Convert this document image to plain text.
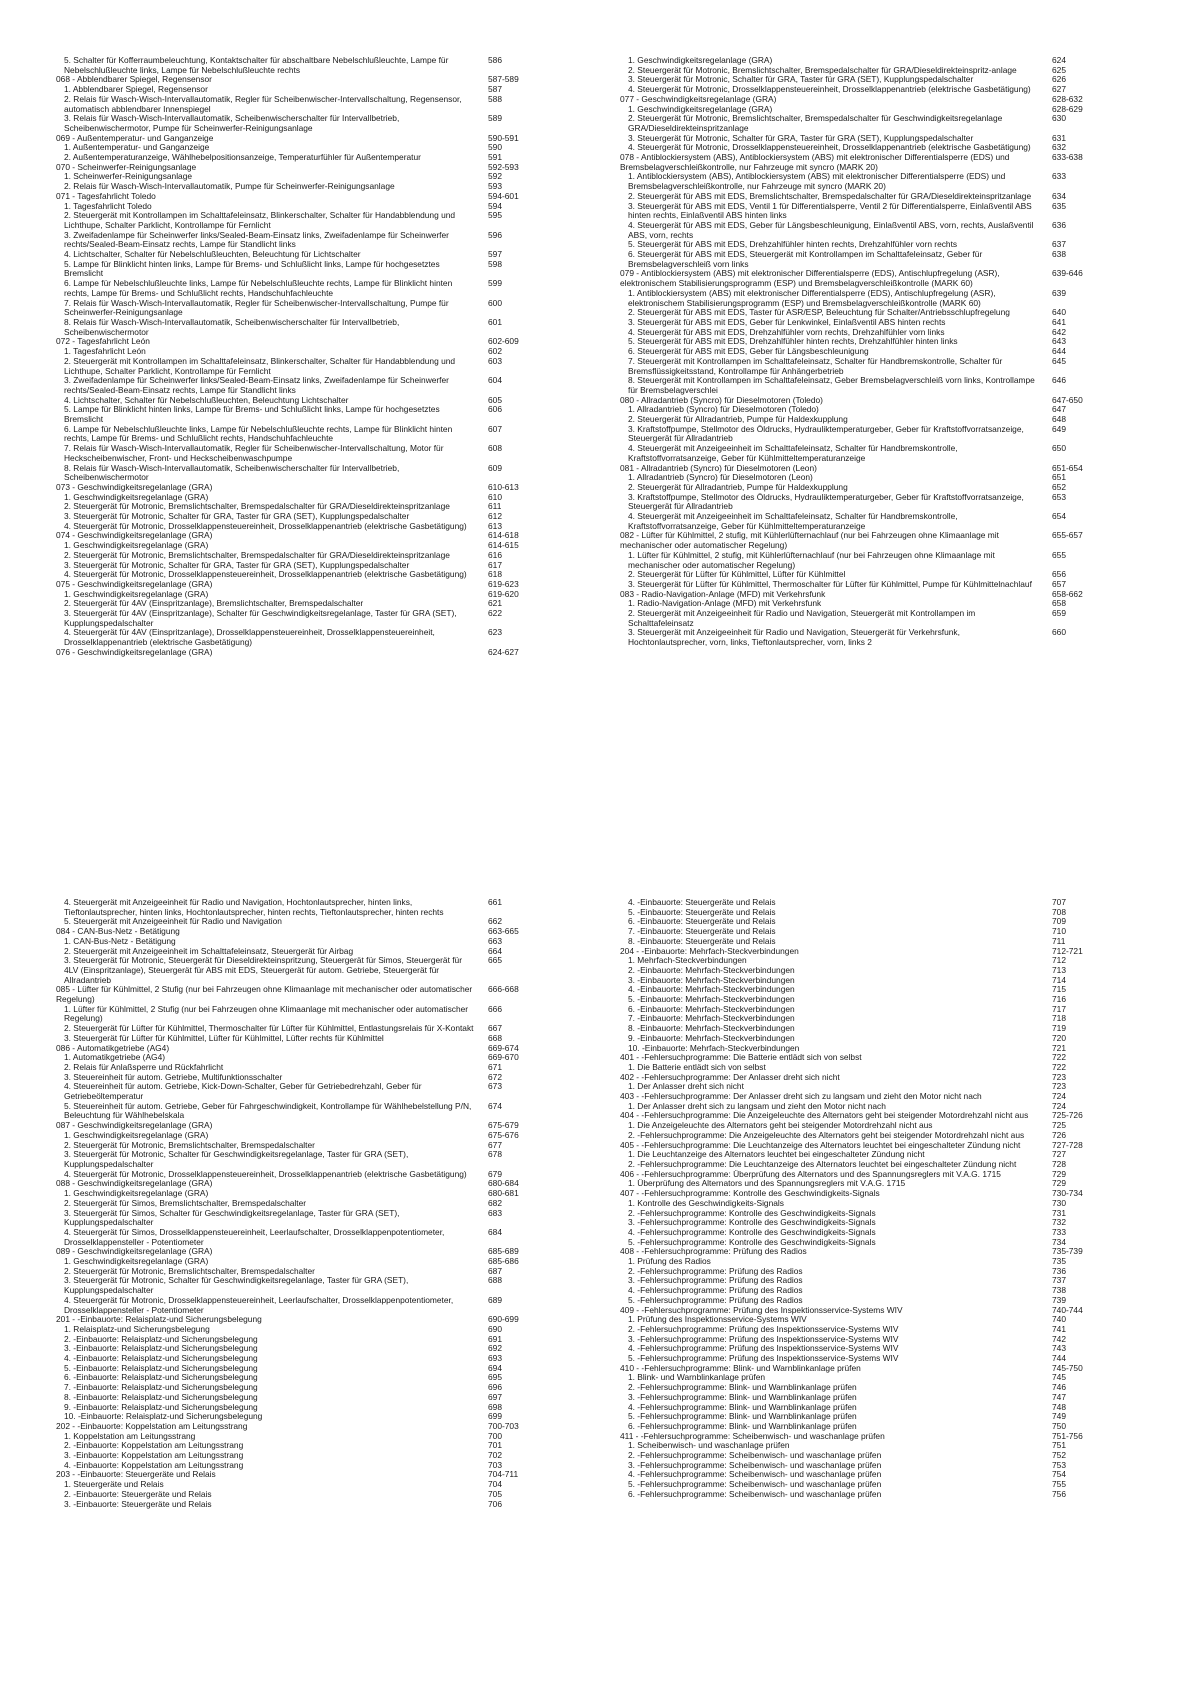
5. Schalter für Kofferraumbeleuchtung, Kontaktschalter für abschaltbare Nebelschlußleuchte, Lampe für Nebelschlußleuchte links, Lampe für Nebelschlußleuchte rechts
586
068 - Abblendbarer Spiegel, Regensensor	587-589
1. Abblendbarer Spiegel, Regensensor	587
2. Relais für Wasch-Wisch-Intervallautomatik, Regler für Scheibenwischer-Intervallschaltung, Regensensor, automatisch abblendbarer Innenspiegel
588
3. Relais für Wasch-Wisch-Intervallautomatik, Scheibenwischerschalter für Intervallbetrieb, Scheibenwischermotor, Pumpe für Scheinwerfer-Reinigungsanlage
589
069 - Außentemperatur- und Ganganzeige	590-591
1. Außentemperatur- und Ganganzeige	590
2. Außentemperaturanzeige, Wählhebelpositionsanzeige, Temperaturfühler für Außentemperatur	591
070 - Scheinwerfer-Reinigungsanlage	592-593
1. Scheinwerfer-Reinigungsanlage	592
2. Relais für Wasch-Wisch-Intervallautomatik, Pumpe für Scheinwerfer-Reinigungsanlage	593
071 - Tagesfahrlicht Toledo	594-601
1. Tagesfahrlicht Toledo	594
2. Steuergerät mit Kontrollampen im Schalttafeleinsatz, Blinkerschalter, Schalter für Handabblendung und Lichthupe, Schalter Parklicht, Kontrollampe für Fernlicht
595
3. Zweifadenlampe für Scheinwerfer links/Sealed-Beam-Einsatz links, Zweifadenlampe für Scheinwerfer rechts/Sealed-Beam-Einsatz rechts, Lampe für Standlicht links
596
4. Lichtschalter, Schalter für Nebelschlußleuchten, Beleuchtung für Lichtschalter	597
5. Lampe für Blinklicht hinten links, Lampe für Brems- und Schlußlicht links, Lampe für hochgesetztes Bremslicht
598
6. Lampe für Nebelschlußleuchte links, Lampe für Nebelschlußleuchte rechts, Lampe für Blinklicht hinten rechts, Lampe für Brems- und Schlußlicht rechts, Handschuhfachleuchte
599
7. Relais für Wasch-Wisch-Intervallautomatik, Regler für Scheibenwischer-Intervallschaltung, Pumpe für Scheinwerfer-Reinigungsanlage
600
8. Relais für Wasch-Wisch-Intervallautomatik, Scheibenwischerschalter für Intervallbetrieb, Scheibenwischermotor
601
072 - Tagesfahrlicht León	602-609
1. Tagesfahrlicht León	602
2. Steuergerät mit Kontrollampen im Schalttafeleinsatz, Blinkerschalter, Schalter für Handabblendung und Lichthupe, Schalter Parklicht, Kontrollampe für Fernlicht
603
3. Zweifadenlampe für Scheinwerfer links/Sealed-Beam-Einsatz links, Zweifadenlampe für Scheinwerfer rechts/Sealed-Beam-Einsatz rechts, Lampe für Standlicht links
604
4. Lichtschalter, Schalter für Nebelschlußleuchten, Beleuchtung Lichtschalter	605
5. Lampe für Blinklicht hinten links, Lampe für Brems- und Schlußlicht links, Lampe für hochgesetztes Bremslicht
606
6. Lampe für Nebelschlußleuchte links, Lampe für Nebelschlußleuchte rechts, Lampe für Blinklicht hinten rechts, Lampe für Brems- und Schlußlicht rechts, Handschuhfachleuchte
607
7. Relais für Wasch-Wisch-Intervallautomatik, Regler für Scheibenwischer-Intervallschaltung, Motor für Heckscheibenwischer, Front- und Heckscheibenwaschpumpe
608
8. Relais für Wasch-Wisch-Intervallautomatik, Scheibenwischerschalter für Intervallbetrieb, Scheibenwischermotor
609
073 - Geschwindigkeitsregelanlage (GRA)	610-613
1. Geschwindigkeitsregelanlage (GRA)	610
2. Steuergerät für Motronic, Bremslichtschalter, Bremspedalschalter für GRA/Dieseldirekteinspritzanlage	611
3. Steuergerät für Motronic, Schalter für GRA, Taster für GRA (SET), Kupplungspedalschalter	612
4. Steuergerät für Motronic, Drosselklappensteuereinheit, Drosselklappenantrieb (elektrische Gasbetätigung)	613
074 - Geschwindigkeitsregelanlage (GRA)	614-618
1. Geschwindigkeitsregelanlage (GRA)	614-615
2. Steuergerät für Motronic, Bremslichtschalter, Bremspedalschalter für GRA/Dieseldirekteinspritzanlage	616
3. Steuergerät für Motronic, Schalter für GRA, Taster für GRA (SET), Kupplungspedalschalter	617
4. Steuergerät für Motronic, Drosselklappensteuereinheit, Drosselklappenantrieb (elektrische Gasbetätigung)	618
075 - Geschwindigkeitsregelanlage (GRA)	619-623
1. Geschwindigkeitsregelanlage (GRA)	619-620
2. Steuergerät für 4AV (Einspritzanlage), Bremslichtschalter, Bremspedalschalter	621
3. Steuergerät für 4AV (Einspritzanlage), Schalter für Geschwindigkeitsregelanlage, Taster für GRA (SET), Kupplungspedalschalter
622
4. Steuergerät für 4AV (Einspritzanlage), Drosselklappensteuereinheit, Drosselklappensteuereinheit, Drosselklappenantrieb (elektrische Gasbetätigung)
623
076 - Geschwindigkeitsregelanlage (GRA)	624-627
1. Geschwindigkeitsregelanlage (GRA)	624
2. Steuergerät für Motronic, Bremslichtschalter, Bremspedalschalter für GRA/Dieseldirekteinspritz-anlage	625
3. Steuergerät für Motronic, Schalter für GRA, Taster für GRA (SET), Kupplungspedalschalter	626
4. Steuergerät für Motronic, Drosselklappensteuereinheit, Drosselklappenantrieb (elektrische Gasbetätigung)	627
077 - Geschwindigkeitsregelanlage (GRA)	628-632
1. Geschwindigkeitsregelanlage (GRA)	628-629
2. Steuergerät für Motronic, Bremslichtschalter, Bremspedalschalter für Geschwindigkeitsregelanlage GRA/Dieseldirekteinspritzanlage
630
3. Steuergerät für Motronic, Schalter für GRA, Taster für GRA (SET), Kupplungspedalschalter	631
4. Steuergerät für Motronic, Drosselklappensteuereinheit, Drosselklappenantrieb (elektrische Gasbetätigung)	632
078 - Antiblockiersystem (ABS), Antiblockiersystem (ABS) mit elektronischer Differentialsperre (EDS) und Bremsbelagverschleißkontrolle, nur Fahrzeuge mit syncro (MARK 20)
633-638
1. Antiblockiersystem (ABS), Antiblockiersystem (ABS) mit elektronischer Differentialsperre (EDS) und Bremsbelagverschleißkontrolle, nur Fahrzeuge mit syncro (MARK 20)
633
2. Steuergerät für ABS mit EDS, Bremslichtschalter, Bremspedalschalter für GRA/Dieseldirekteinspritzanlage 634
3. Steuergerät für ABS mit EDS, Ventil 1 für Differentialsperre, Ventil 2 für Differentialsperre, Einlaßventil ABS hinten rechts, Einlaßventil ABS hinten links
635
4. Steuergerät für ABS mit EDS, Geber für Längsbeschleunigung, Einlaßventil ABS, vorn, rechts, Auslaßventil ABS, vorn, rechts
636
5. Steuergerät für ABS mit EDS, Drehzahlfühler hinten rechts, Drehzahlfühler vorn rechts	637
6. Steuergerät für ABS mit EDS, Steuergerät mit Kontrollampen im Schalttafeleinsatz, Geber für Bremsbelagverschleiß vorn links
638
079 - Antiblockiersystem (ABS) mit elektronischer Differentialsperre (EDS), Antischlupfregelung (ASR), elektronischem Stabilisierungsprogramm (ESP) und Bremsbelagverschleißkontrolle (MARK 60)
639-646
1. Antiblockiersystem (ABS) mit elektronischer Differentialsperre (EDS), Antischlupfregelung (ASR), elektronischem Stabilisierungsprogramm (ESP) und Bremsbelagverschleißkontrolle (MARK 60)
639
2. Steuergerät für ABS mit EDS, Taster für ASR/ESP, Beleuchtung für Schalter/Antriebsschlupfregelung	640
3. Steuergerät für ABS mit EDS, Geber für Lenkwinkel, Einlaßventil ABS hinten rechts	641
4. Steuergerät für ABS mit EDS, Drehzahlfühler vorn rechts, Drehzahlfühler vorn links	642
5. Steuergerät für ABS mit EDS, Drehzahlfühler hinten rechts, Drehzahlfühler hinten links	643
6. Steuergerät für ABS mit EDS, Geber für Längsbeschleunigung	644
7. Steuergerät mit Kontrollampen im Schalttafeleinsatz, Schalter für Handbremskontrolle, Schalter für Bremsflüssigkeitsstand, Kontrollampe für Anhängerbetrieb
645
8. Steuergerät mit Kontrollampen im Schalttafeleinsatz, Geber Bremsbelagverschleiß vorn links, Kontrollampe für Bremsbelagverschlei
646
080 - Allradantrieb (Syncro) für Dieselmotoren (Toledo)	647-650
1. Allradantrieb (Syncro) für Dieselmotoren (Toledo)	647
2. Steuergerät für Allradantrieb, Pumpe für Haldexkupplung	648
3. Kraftstoffpumpe, Stellmotor des Öldrucks, Hydrauliktemperaturgeber, Geber für Kraftstoffvorratsanzeige, Steuergerät für Allradantrieb
649
4. Steuergerät mit Anzeigeeinheit im Schalttafeleinsatz, Schalter für Handbremskontrolle, Kraftstoffvorratsanzeige, Geber für Kühlmitteltemperaturanzeige
650
081 - Allradantrieb (Syncro) für Dieselmotoren (Leon)	651-654
1. Allradantrieb (Syncro) für Dieselmotoren (Leon)	651
2. Steuergerät für Allradantrieb, Pumpe für Haldexkupplung	652
3. Kraftstoffpumpe, Stellmotor des Öldrucks, Hydrauliktemperaturgeber, Geber für Kraftstoffvorratsanzeige, Steuergerät für Allradantrieb
653
4. Steuergerät mit Anzeigeeinheit im Schalttafeleinsatz, Schalter für Handbremskontrolle, Kraftstoffvorratsanzeige, Geber für Kühlmitteltemperaturanzeige
654
082 - Lüfter für Kühlmittel, 2 stufig, mit Kühlerlüfternachlauf (nur bei Fahrzeugen ohne Klimaanlage mit mechanischer oder automatischer Regelung)
655-657
1. Lüfter für Kühlmittel, 2 stufig, mit Kühlerlüfternachlauf (nur bei Fahrzeugen ohne Klimaanlage mit mechanischer oder automatischer Regelung)
655
2. Steuergerät für Lüfter für Kühlmittel, Lüfter für Kühlmittel	656
3. Steuergerät für Lüfter für Kühlmittel, Thermoschalter für Lüfter für Kühlmittel, Pumpe für Kühlmittelnachlauf 657
083 - Radio-Navigation-Anlage (MFD) mit Verkehrsfunk	658-662
1. Radio-Navigation-Anlage (MFD) mit Verkehrsfunk	658
2. Steuergerät mit Anzeigeeinheit für Radio und Navigation, Steuergerät mit Kontrollampen im Schalttafeleinsatz
659
3. Steuergerät mit Anzeigeeinheit für Radio und Navigation, Steuergerät für Verkehrsfunk, Hochtonlautsprecher, vorn, links, Tieftonlautsprecher, vorn, links 2
660
4. Steuergerät mit Anzeigeeinheit für Radio und Navigation, Hochtonlautsprecher, hinten links, Tieftonlautsprecher, hinten links, Hochtonlautsprecher, hinten rechts, Tieftonlautsprecher, hinten rechts
661
5. Steuergerät mit Anzeigeeinheit für Radio und Navigation	662
084 - CAN-Bus-Netz - Betätigung	663-665
1. CAN-Bus-Netz - Betätigung	663
2. Steuergerät mit Anzeigeeinheit im Schalttafeleinsatz, Steuergerät für Airbag	664
3. Steuergerät für Motronic, Steuergerät für Dieseldirekteinspritzung, Steuergerät für Simos, Steuergerät für 4LV (Einspritzanlage), Steuergerät für ABS mit EDS, Steuergerät für autom. Getriebe, Steuergerät für Allradantrieb
665
085 - Lüfter für Kühlmittel, 2 Stufig (nur bei Fahrzeugen ohne Klimaanlage mit mechanischer oder automatischer Regelung)
666-668
1. Lüfter für Kühlmittel, 2 Stufig (nur bei Fahrzeugen ohne Klimaanlage mit mechanischer oder automatischer Regelung)
666
2. Steuergerät für Lüfter für Kühlmittel, Thermoschalter für Lüfter für Kühlmittel, Entlastungsrelais für X-Kontakt 667
3. Steuergerät für Lüfter für Kühlmittel, Lüfter für Kühlmittel, Lüfter rechts für Kühlmittel	668
086 - Automatikgetriebe (AG4)	669-674
1. Automatikgetriebe (AG4)	669-670
2. Relais für Anlaßsperre und Rückfahrlicht	671
3. Steuereinheit für autom. Getriebe, Multifunktionsschalter	672
4. Steuereinheit für autom. Getriebe, Kick-Down-Schalter, Geber für Getriebedrehzahl, Geber für Getriebeöltemperatur
673
5. Steuereinheit für autom. Getriebe, Geber für Fahrgeschwindigkeit, Kontrollampe für Wählhebelstellung P/N, Beleuchtung für Wählhebelskala
674
087 - Geschwindigkeitsregelanlage (GRA)	675-679
1. Geschwindigkeitsregelanlage (GRA)	675-676
2. Steuergerät für Motronic, Bremslichtschalter, Bremspedalschalter	677
3. Steuergerät für Motronic, Schalter für Geschwindigkeitsregelanlage, Taster für GRA (SET), Kupplungspedalschalter
678
4. Steuergerät für Motronic, Drosselklappensteuereinheit, Drosselklappenantrieb (elektrische Gasbetätigung)	679
088 - Geschwindigkeitsregelanlage (GRA)	680-684
1. Geschwindigkeitsregelanlage (GRA)	680-681
2. Steuergerät für Simos, Bremslichtschalter, Bremspedalschalter	682
3. Steuergerät für Simos, Schalter für Geschwindigkeitsregelanlage, Taster für GRA (SET), Kupplungspedalschalter
683
4. Steuergerät für Simos, Drosselklappensteuereinheit, Leerlaufschalter, Drosselklappenpotentiometer, Drosselklappensteller - Potentiometer
684
089 - Geschwindigkeitsregelanlage (GRA)	685-689
1. Geschwindigkeitsregelanlage (GRA)	685-686
2. Steuergerät für Motronic, Bremslichtschalter, Bremspedalschalter	687
3. Steuergerät für Motronic, Schalter für Geschwindigkeitsregelanlage, Taster für GRA (SET), Kupplungspedalschalter
688
4. Steuergerät für Motronic, Drosselklappensteuereinheit, Leerlaufschalter, Drosselklappenpotentiometer, Drosselklappensteller - Potentiometer
689
201 - -Einbauorte: Relaisplatz-und Sicherungsbelegung	690-699
1. Relaisplatz-und Sicherungsbelegung	690
2. -Einbauorte: Relaisplatz-und Sicherungsbelegung	691
3. -Einbauorte: Relaisplatz-und Sicherungsbelegung	692
4. -Einbauorte: Relaisplatz-und Sicherungsbelegung	693
5. -Einbauorte: Relaisplatz-und Sicherungsbelegung	694
6. -Einbauorte: Relaisplatz-und Sicherungsbelegung	695
7. -Einbauorte: Relaisplatz-und Sicherungsbelegung	696
8. -Einbauorte: Relaisplatz-und Sicherungsbelegung	697
9. -Einbauorte: Relaisplatz-und Sicherungsbelegung	698
10. -Einbauorte: Relaisplatz-und Sicherungsbelegung	699
202 - -Einbauorte: Koppelstation am Leitungsstrang	700-703
1. Koppelstation am Leitungsstrang	700
2. -Einbauorte: Koppelstation am Leitungsstrang	701
3. -Einbauorte: Koppelstation am Leitungsstrang	702
4. -Einbauorte: Koppelstation am Leitungsstrang	703
203 - -Einbauorte: Steuergeräte und Relais	704-711
1. Steuergeräte und Relais	704
2. -Einbauorte: Steuergeräte und Relais	705
3. -Einbauorte: Steuergeräte und Relais	706
4. -Einbauorte: Steuergeräte und Relais	707
5. -Einbauorte: Steuergeräte und Relais	708
6. -Einbauorte: Steuergeräte und Relais	709
7. -Einbauorte: Steuergeräte und Relais	710
8. -Einbauorte: Steuergeräte und Relais	711
204 - -Einbauorte: Mehrfach-Steckverbindungen	712-721
1. Mehrfach-Steckverbindungen	712
2. -Einbauorte: Mehrfach-Steckverbindungen	713
3. -Einbauorte: Mehrfach-Steckverbindungen	714
4. -Einbauorte: Mehrfach-Steckverbindungen	715
5. -Einbauorte: Mehrfach-Steckverbindungen	716
6. -Einbauorte: Mehrfach-Steckverbindungen	717
7. -Einbauorte: Mehrfach-Steckverbindungen	718
8. -Einbauorte: Mehrfach-Steckverbindungen	719
9. -Einbauorte: Mehrfach-Steckverbindungen	720
10. -Einbauorte: Mehrfach-Steckverbindungen	721
401 - -Fehlersuchprogramme: Die Batterie entlädt sich von selbst	722
1. Die Batterie entlädt sich von selbst	722
402 - -Fehlersuchprogramme: Der Anlasser dreht sich nicht	723
1. Der Anlasser dreht sich nicht	723
403 - -Fehlersuchprogramme: Der Anlasser dreht sich zu langsam und zieht den Motor nicht nach	724
1. Der Anlasser dreht sich zu langsam und zieht den Motor nicht nach	724
404 - -Fehlersuchprogramme: Die Anzeigeleuchte des Alternators geht bei steigender Motordrehzahl nicht aus	725-726
1. Die Anzeigeleuchte des Alternators geht bei steigender Motordrehzahl nicht aus	725
2. -Fehlersuchprogramme: Die Anzeigeleuchte des Alternators geht bei steigender Motordrehzahl nicht aus	726
405 - -Fehlersuchprogramme: Die Leuchtanzeige des Alternators leuchtet bei eingeschalteter Zündung nicht	727-728
1. Die Leuchtanzeige des Alternators leuchtet bei eingeschalteter Zündung nicht	727
2. -Fehlersuchprogramme: Die Leuchtanzeige des Alternators leuchtet bei eingeschalteter Zündung nicht	728
406 - -Fehlersuchprogramme: Überprüfung des Alternators und des Spannungsreglers mit V.A.G. 1715	729
1. Überprüfung des Alternators und des Spannungsreglers mit V.A.G. 1715	729
407 - -Fehlersuchprogramme: Kontrolle des Geschwindigkeits-Signals	730-734
1. Kontrolle des Geschwindigkeits-Signals	730
2. -Fehlersuchprogramme: Kontrolle des Geschwindigkeits-Signals	731
3. -Fehlersuchprogramme: Kontrolle des Geschwindigkeits-Signals	732
4. -Fehlersuchprogramme: Kontrolle des Geschwindigkeits-Signals	733
5. -Fehlersuchprogramme: Kontrolle des Geschwindigkeits-Signals	734
408 - -Fehlersuchprogramme: Prüfung des Radios	735-739
1. Prüfung des Radios	735
2. -Fehlersuchprogramme: Prüfung des Radios	736
3. -Fehlersuchprogramme: Prüfung des Radios	737
4. -Fehlersuchprogramme: Prüfung des Radios	738
5. -Fehlersuchprogramme: Prüfung des Radios	739
409 - -Fehlersuchprogramme: Prüfung des Inspektionsservice-Systems WIV	740-744
1. Prüfung des Inspektionsservice-Systems WIV	740
2. -Fehlersuchprogramme: Prüfung des Inspektionsservice-Systems WIV	741
3. -Fehlersuchprogramme: Prüfung des Inspektionsservice-Systems WIV	742
4. -Fehlersuchprogramme: Prüfung des Inspektionsservice-Systems WIV	743
5. -Fehlersuchprogramme: Prüfung des Inspektionsservice-Systems WIV	744
410 - -Fehlersuchprogramme: Blink- und Warnblinkanlage prüfen	745-750
1. Blink- und Warnblinkanlage prüfen	745
2. -Fehlersuchprogramme: Blink- und Warnblinkanlage prüfen	746
3. -Fehlersuchprogramme: Blink- und Warnblinkanlage prüfen	747
4. -Fehlersuchprogramme: Blink- und Warnblinkanlage prüfen	748
5. -Fehlersuchprogramme: Blink- und Warnblinkanlage prüfen	749
6. -Fehlersuchprogramme: Blink- und Warnblinkanlage prüfen	750
411 - -Fehlersuchprogramme: Scheibenwisch- und waschanlage prüfen	751-756
1. Scheibenwisch- und waschanlage prüfen	751
2. -Fehlersuchprogramme: Scheibenwisch- und waschanlage prüfen	752
3. -Fehlersuchprogramme: Scheibenwisch- und waschanlage prüfen	753
4. -Fehlersuchprogramme: Scheibenwisch- und waschanlage prüfen	754
5. -Fehlersuchprogramme: Scheibenwisch- und waschanlage prüfen	755
6. -Fehlersuchprogramme: Scheibenwisch- und waschanlage prüfen	756
